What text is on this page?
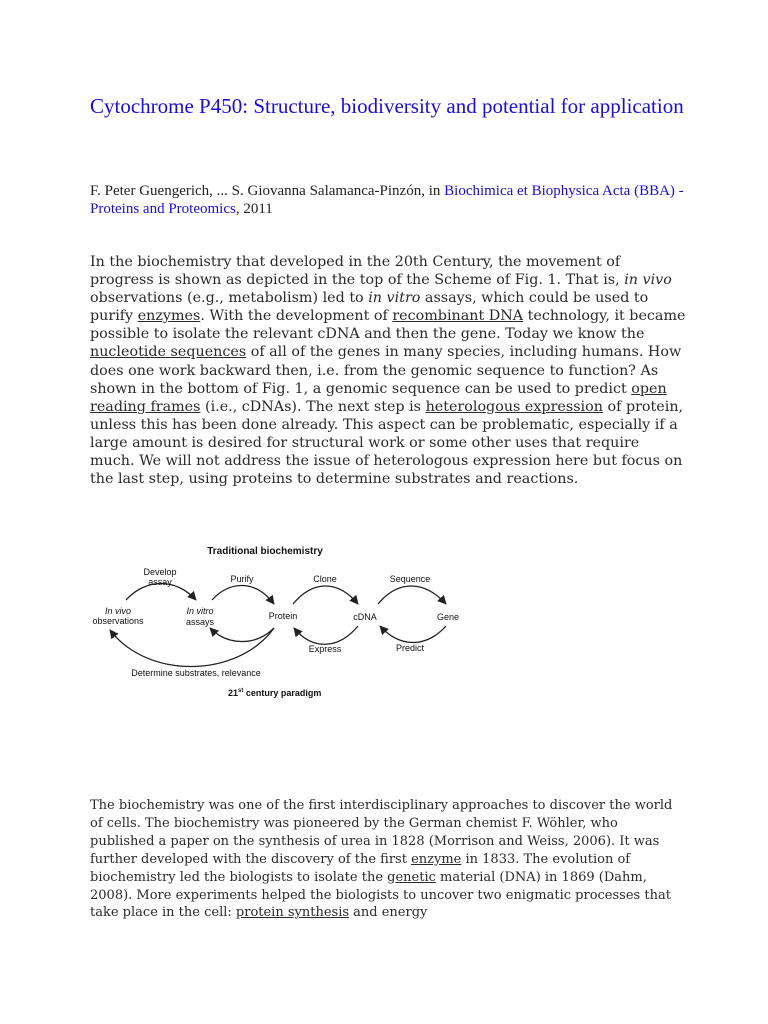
Cytochrome P450: Structure, biodiversity and potential for application

F. Peter Guengerich, ... S. Giovanna Salamanca-Pinzón, in Biochimica et Biophysica Acta (BBA) - Proteins and Proteomics, 2011

In the biochemistry that developed in the 20th Century, the movement of progress is shown as depicted in the top of the Scheme of Fig. 1. That is, in vivo observations (e.g., metabolism) led to in vitro assays, which could be used to purify enzymes. With the development of recombinant DNA technology, it became possible to isolate the relevant cDNA and then the gene. Today we know the nucleotide sequences of all of the genes in many species, including humans. How does one work backward then, i.e. from the genomic sequence to function? As shown in the bottom of Fig. 1, a genomic sequence can be used to predict open reading frames (i.e., cDNAs). The next step is heterologous expression of protein, unless this has been done already. This aspect can be problematic, especially if a large amount is desired for structural work or some other uses that require much. We will not address the issue of heterologous expression here but focus on the last step, using proteins to determine substrates and reactions.

Traditional biochemistry
Develop
assay	Purify	Clone	Sequence
In vivo
observations
In vitro
assays
Protein	cDNA	Gene
Express	Predict
Determine substrates, relevance
21st century paradigm

The biochemistry was one of the first interdisciplinary approaches to discover the world of cells. The biochemistry was pioneered by the German chemist F. Wöhler, who published a paper on the synthesis of urea in 1828 (Morrison and Weiss, 2006). It was further developed with the discovery of the first enzyme in 1833. The evolution of biochemistry led the biologists to isolate the genetic material (DNA) in 1869 (Dahm, 2008). More experiments helped the biologists to uncover two enigmatic processes that take place in the cell: protein synthesis and energy
